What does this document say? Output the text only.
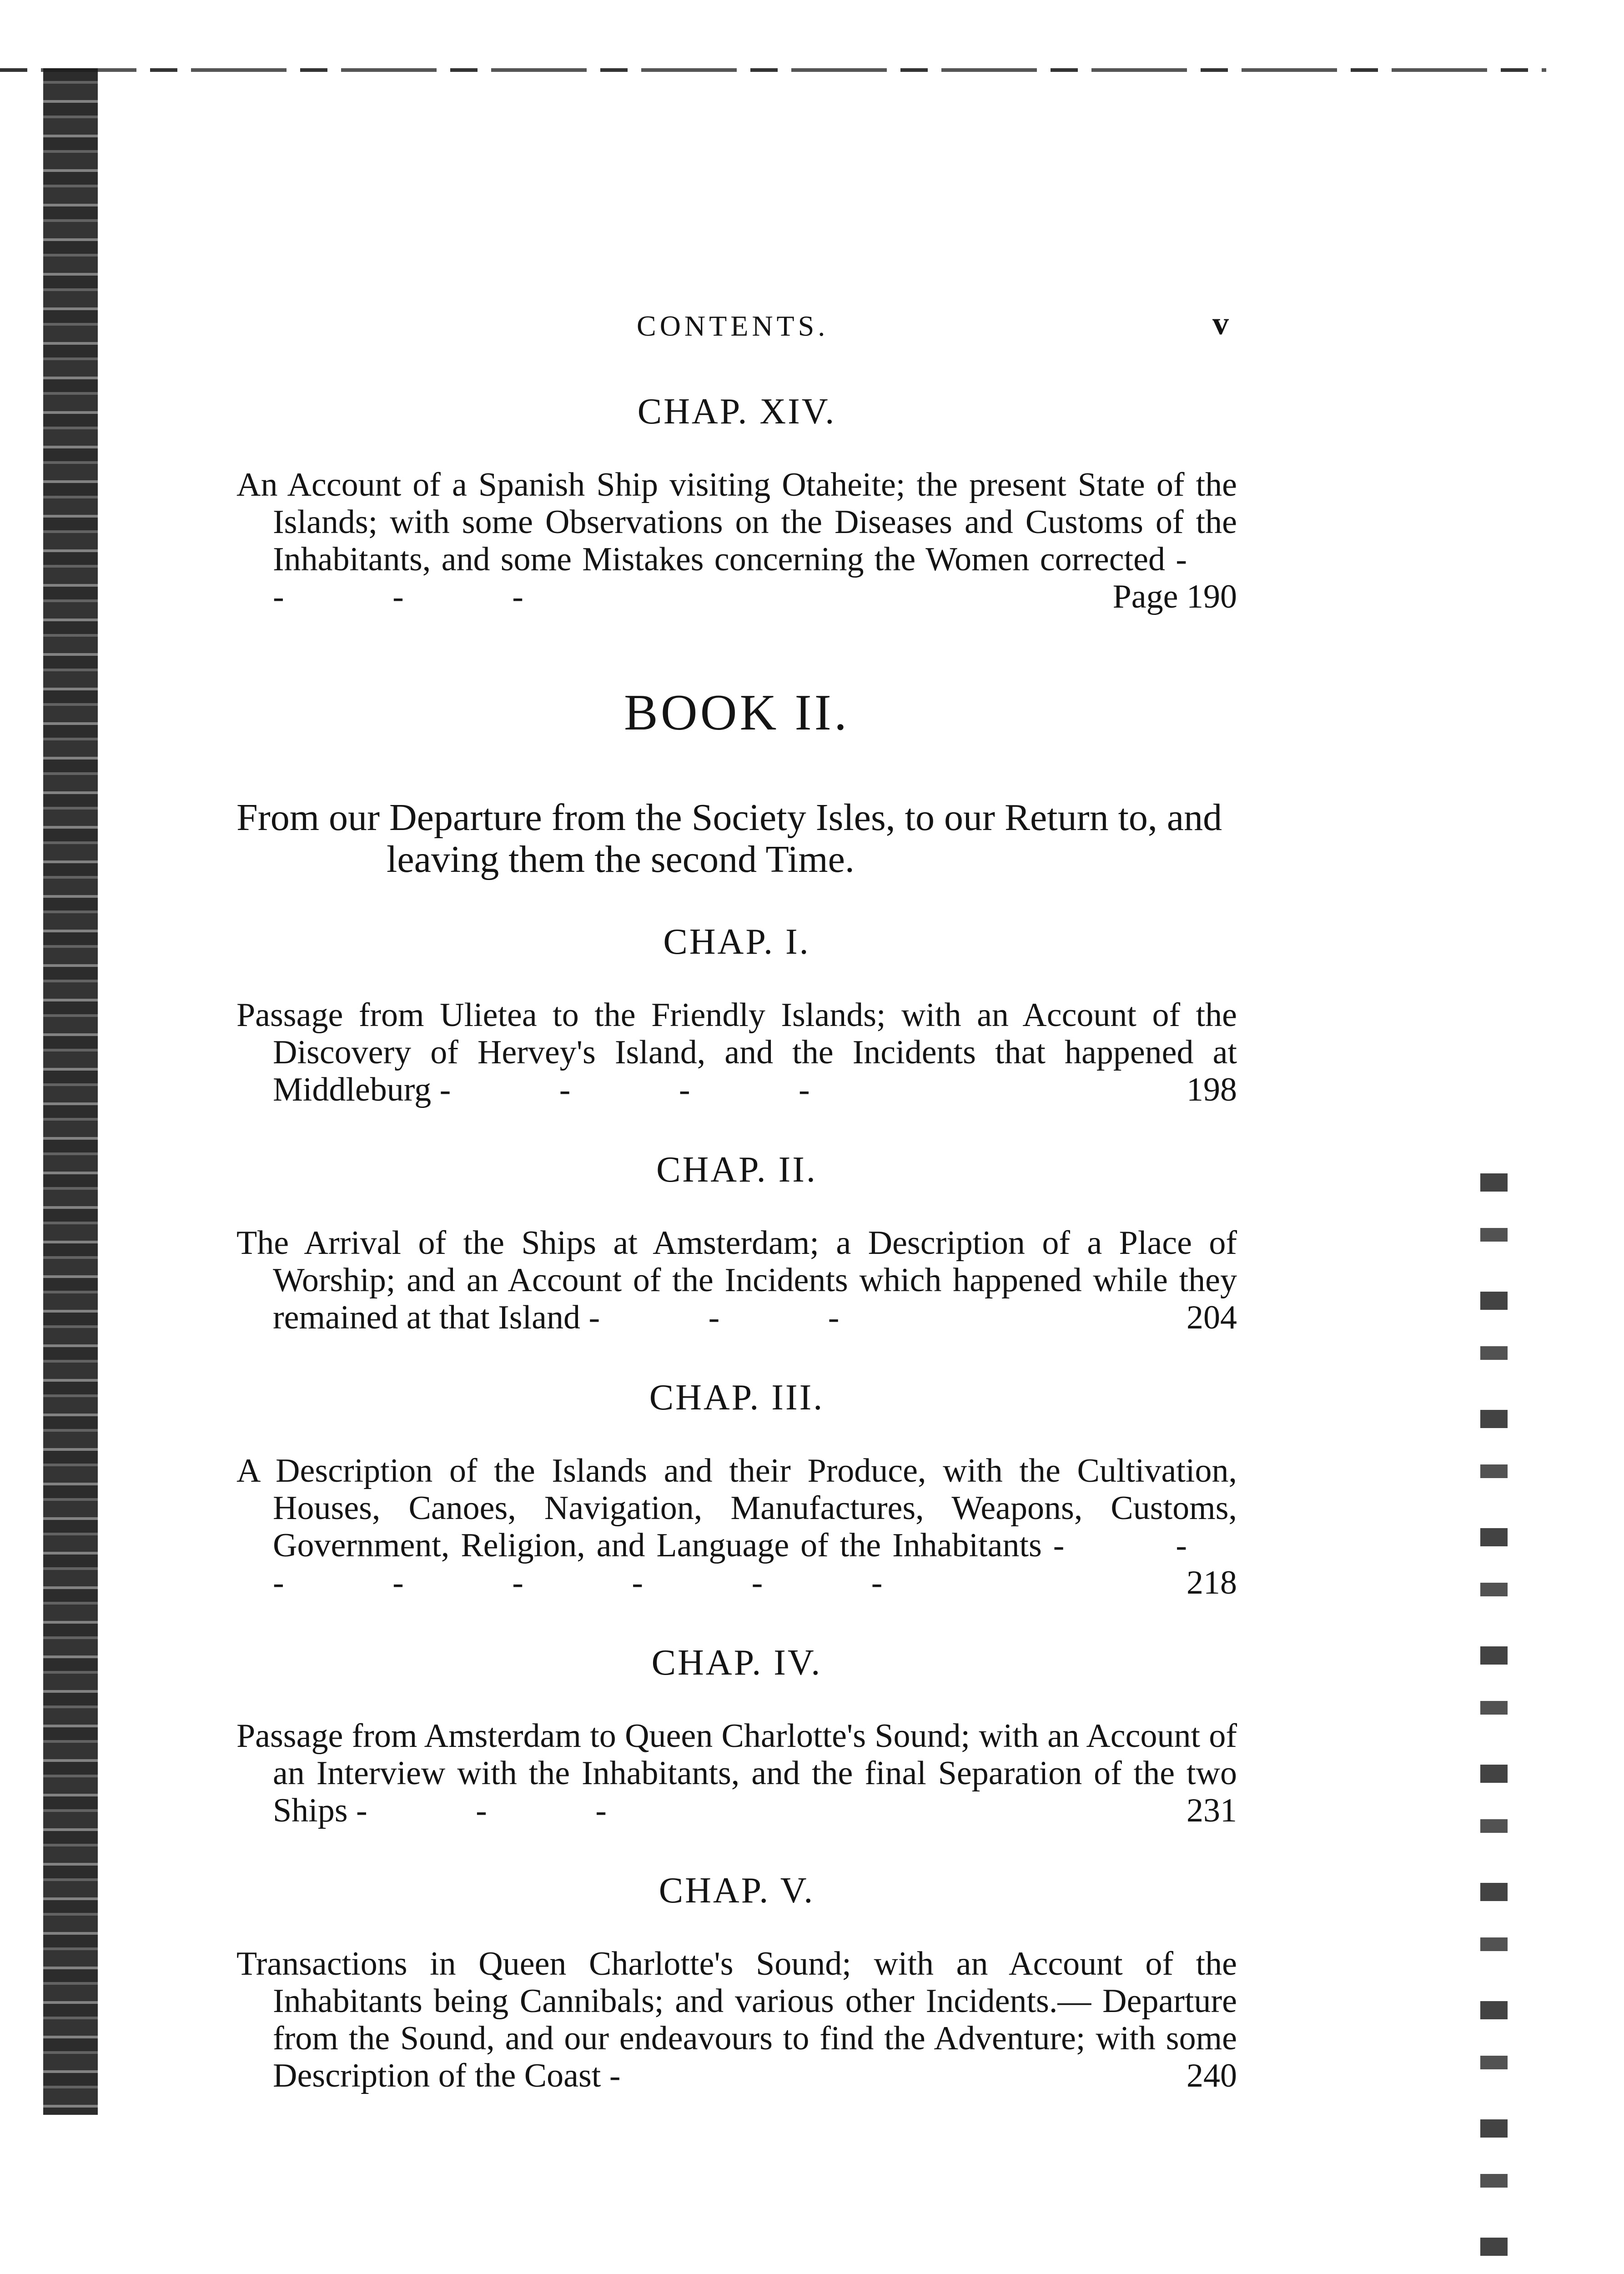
CONTENTS.	v
CHAP. XIV.

An Account of a Spanish Ship visiting Otaheite; the present State of the Islands; with some Observations on the Diseases and Customs of the Inhabitants, and some Mistakes concerning the Women corrected - - - -	Page 190

BOOK II.

From our Departure from the Society Isles, to our Return to, and leaving them the second Time.

CHAP. I.

Passage from Ulietea to the Friendly Islands; with an Account of the Discovery of Hervey's Island, and the Incidents that happened at Middleburg - - - -	198

CHAP. II.

The Arrival of the Ships at Amsterdam; a Description of a Place of Worship; and an Account of the Incidents which happened while they remained at that Island - - -	204

CHAP. III.

A Description of the Islands and their Produce, with the Cultivation, Houses, Canoes, Navigation, Manufactures, Weapons, Customs, Government, Religion, and Language of the Inhabitants - - - - - - - -	218

CHAP. IV.

Passage from Amsterdam to Queen Charlotte's Sound; with an Account of an Interview with the Inhabitants, and the final Separation of the two Ships - - -	231

CHAP. V.

Transactions in Queen Charlotte's Sound; with an Account of the Inhabitants being Cannibals; and various other Incidents.— Departure from the Sound, and our endeavours to find the Adventure; with some Description of the Coast -	240
